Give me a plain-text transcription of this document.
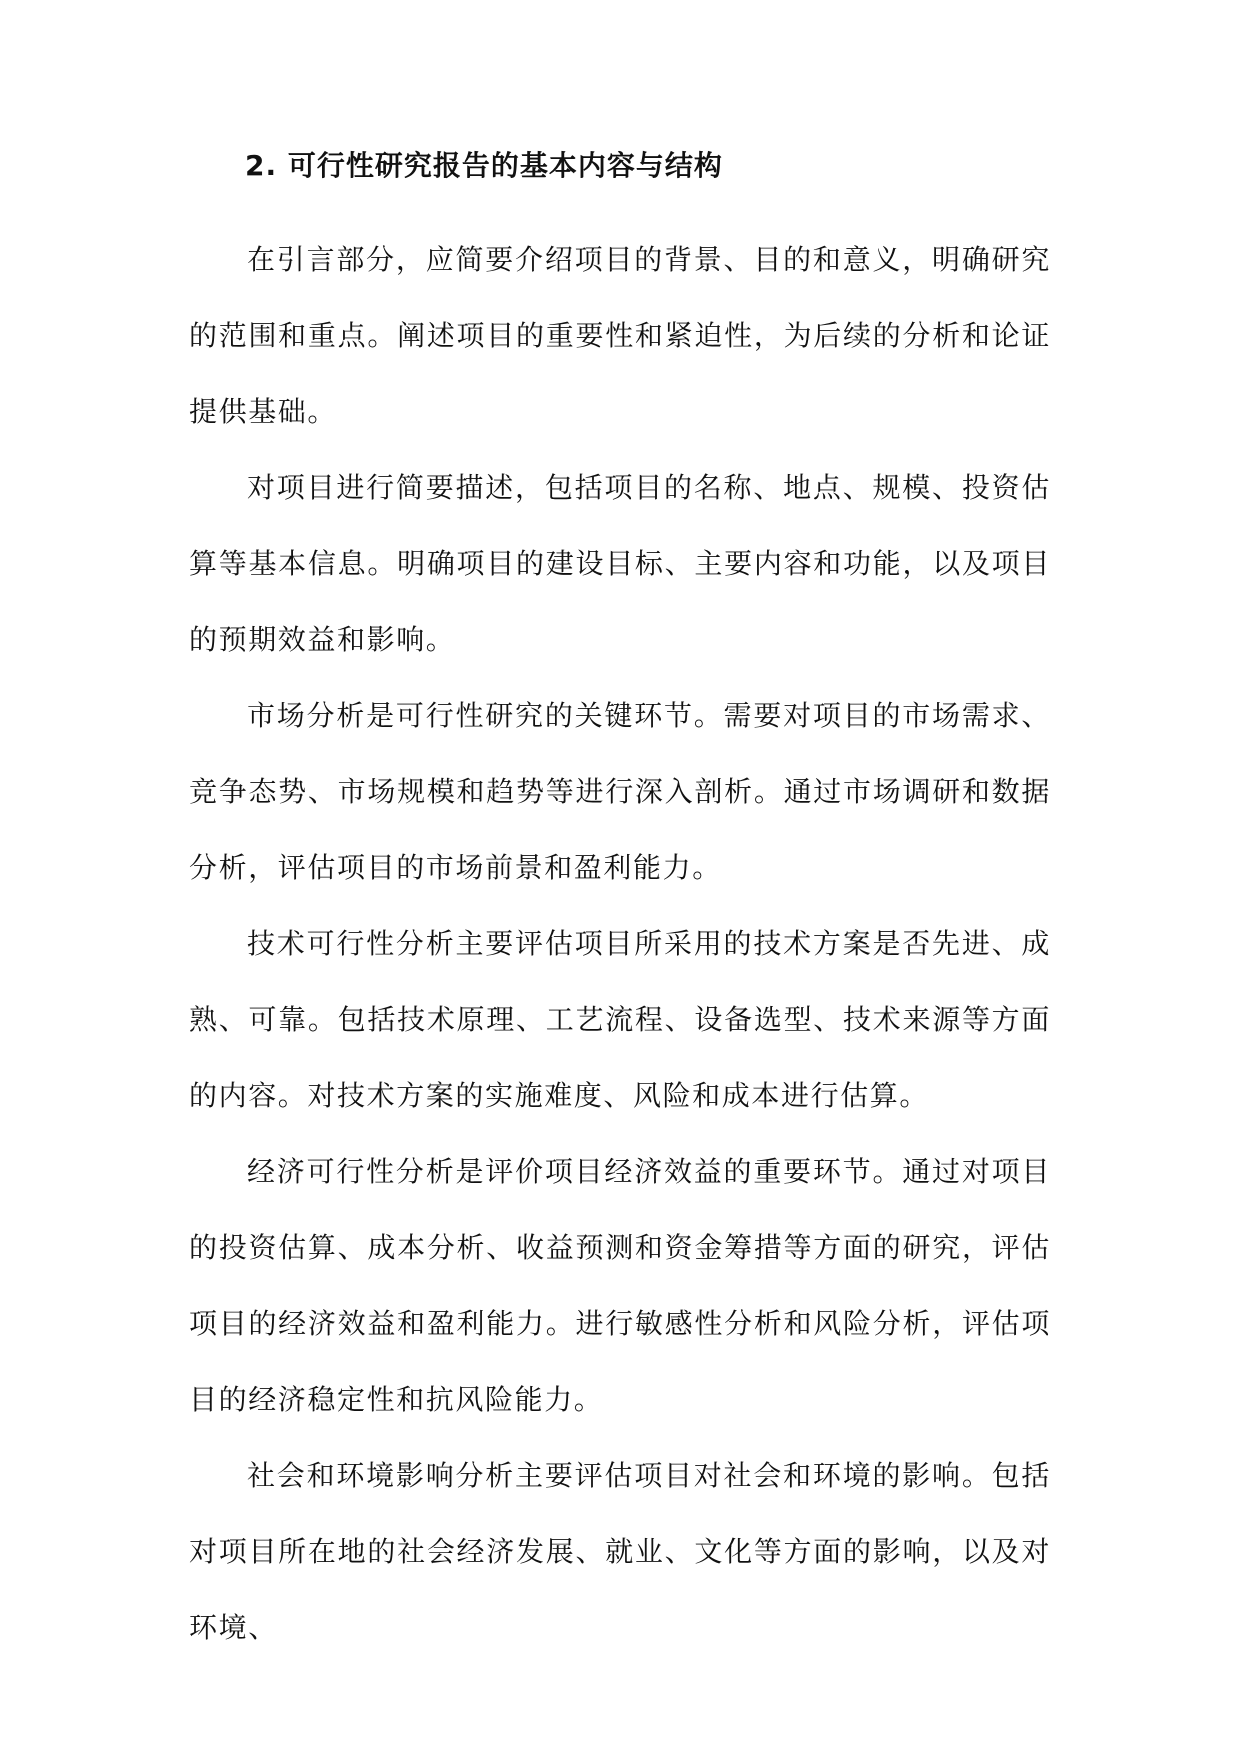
2. 可行性研究报告的基本内容与结构

在引言部分，应简要介绍项目的背景、目的和意义，明确研究的范围和重点。阐述项目的重要性和紧迫性，为后续的分析和论证提供基础。

对项目进行简要描述，包括项目的名称、地点、规模、投资估算等基本信息。明确项目的建设目标、主要内容和功能，以及项目的预期效益和影响。

市场分析是可行性研究的关键环节。需要对项目的市场需求、竞争态势、市场规模和趋势等进行深入剖析。通过市场调研和数据分析，评估项目的市场前景和盈利能力。

技术可行性分析主要评估项目所采用的技术方案是否先进、成熟、可靠。包括技术原理、工艺流程、设备选型、技术来源等方面的内容。对技术方案的实施难度、风险和成本进行估算。

经济可行性分析是评价项目经济效益的重要环节。通过对项目的投资估算、成本分析、收益预测和资金筹措等方面的研究，评估项目的经济效益和盈利能力。进行敏感性分析和风险分析，评估项目的经济稳定性和抗风险能力。

社会和环境影响分析主要评估项目对社会和环境的影响。包括对项目所在地的社会经济发展、就业、文化等方面的影响，以及对环境、
